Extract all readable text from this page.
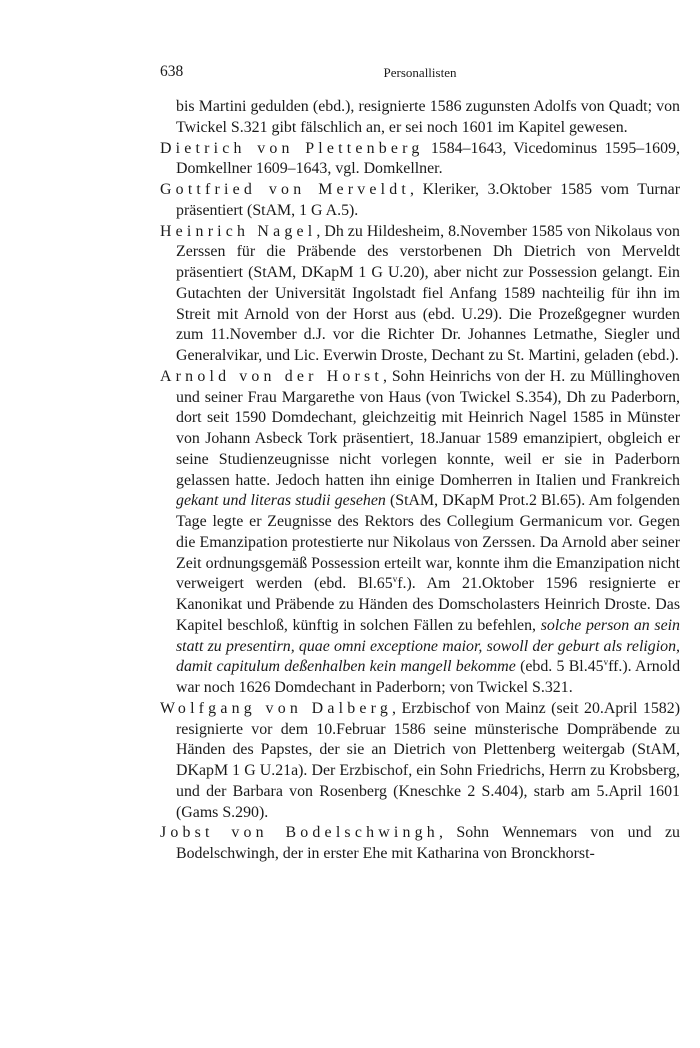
638	Personallisten

bis Martini gedulden (ebd.), resignierte 1586 zugunsten Adolfs von Quadt; von Twickel S.321 gibt fälschlich an, er sei noch 1601 im Kapitel gewesen.

Dietrich von Plettenberg 1584–1643, Vicedominus 1595–1609, Domkellner 1609–1643, vgl. Domkellner.

Gottfried von Merveldt, Kleriker, 3.Oktober 1585 vom Turnar präsentiert (StAM, 1 G A.5).

Heinrich Nagel, Dh zu Hildesheim, 8.November 1585 von Nikolaus von Zerssen für die Präbende des verstorbenen Dh Dietrich von Merveldt präsentiert (StAM, DKapM 1 G U.20), aber nicht zur Possession gelangt. Ein Gutachten der Universität Ingolstadt fiel Anfang 1589 nachteilig für ihn im Streit mit Arnold von der Horst aus (ebd. U.29). Die Prozeßgegner wurden zum 11.November d.J. vor die Richter Dr. Johannes Letmathe, Siegler und Generalvikar, und Lic. Everwin Droste, Dechant zu St. Martini, geladen (ebd.).

Arnold von der Horst, Sohn Heinrichs von der H. zu Müllinghoven und seiner Frau Margarethe von Haus (von Twickel S.354), Dh zu Paderborn, dort seit 1590 Domdechant, gleichzeitig mit Heinrich Nagel 1585 in Münster von Johann Asbeck Tork präsentiert, 18.Januar 1589 emanzipiert, obgleich er seine Studienzeugnisse nicht vorlegen konnte, weil er sie in Paderborn gelassen hatte. Jedoch hatten ihn einige Domherren in Italien und Frankreich gekant und literas studii gesehen (StAM, DKapM Prot.2 Bl.65). Am folgenden Tage legte er Zeugnisse des Rektors des Collegium Germanicum vor. Gegen die Emanzipation protestierte nur Nikolaus von Zerssen. Da Arnold aber seiner Zeit ordnungsgemäß Possession erteilt war, konnte ihm die Emanzipation nicht verweigert werden (ebd. Bl.65$^v$f.). Am 21.Oktober 1596 resignierte er Kanonikat und Präbende zu Händen des Domscholasters Heinrich Droste. Das Kapitel beschloß, künftig in solchen Fällen zu befehlen, solche person an sein statt zu presentirn, quae omni exceptione maior, sowoll der geburt als religion, damit capitulum deßenhalben kein mangell bekomme (ebd. 5 Bl.45$^v$ff.). Arnold war noch 1626 Domdechant in Paderborn; von Twickel S.321.

Wolfgang von Dalberg, Erzbischof von Mainz (seit 20.April 1582) resignierte vor dem 10.Februar 1586 seine münsterische Dompräbende zu Händen des Papstes, der sie an Dietrich von Plettenberg weitergab (StAM, DKapM 1 G U.21a). Der Erzbischof, ein Sohn Friedrichs, Herrn zu Krobsberg, und der Barbara von Rosenberg (Kneschke 2 S.404), starb am 5.April 1601 (Gams S.290).

Jobst von Bodelschwingh, Sohn Wennemars von und zu Bodelschwingh, der in erster Ehe mit Katharina von Bronckhorst-
